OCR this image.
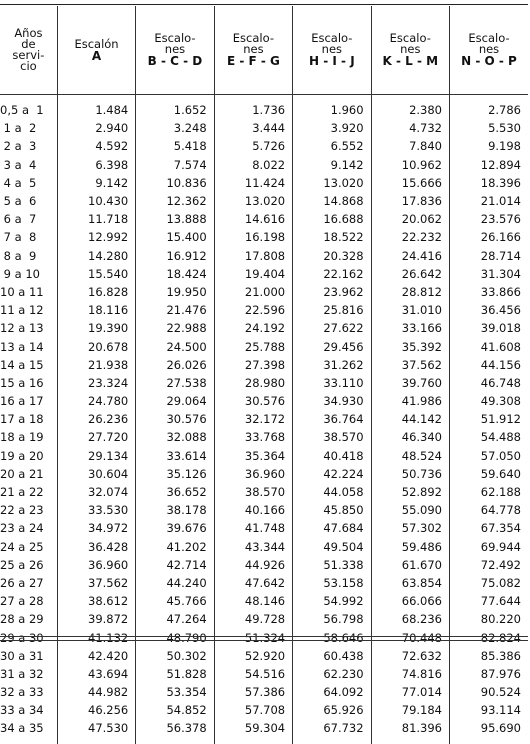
Años
de
servi-
cio	Escalón
A	Escalo-
nes
B - C - D	Escalo-
nes
E - F - G	Escalo-
nes
H - I - J	Escalo-
nes
K - L - M	Escalo-
nes
N - O - P

0,5 a  1	1.484	1.652	1.736	1.960	2.380	2.786
1 a  2	2.940	3.248	3.444	3.920	4.732	5.530
2 a  3	4.592	5.418	5.726	6.552	7.840	9.198
3 a  4	6.398	7.574	8.022	9.142	10.962	12.894
4 a  5	9.142	10.836	11.424	13.020	15.666	18.396
5 a  6	10.430	12.362	13.020	14.868	17.836	21.014
6 a  7	11.718	13.888	14.616	16.688	20.062	23.576
7 a  8	12.992	15.400	16.198	18.522	22.232	26.166
8 a  9	14.280	16.912	17.808	20.328	24.416	28.714
9 a 10	15.540	18.424	19.404	22.162	26.642	31.304
10 a 11	16.828	19.950	21.000	23.962	28.812	33.866
11 a 12	18.116	21.476	22.596	25.816	31.010	36.456
12 a 13	19.390	22.988	24.192	27.622	33.166	39.018
13 a 14	20.678	24.500	25.788	29.456	35.392	41.608
14 a 15	21.938	26.026	27.398	31.262	37.562	44.156
15 a 16	23.324	27.538	28.980	33.110	39.760	46.748
16 a 17	24.780	29.064	30.576	34.930	41.986	49.308
17 a 18	26.236	30.576	32.172	36.764	44.142	51.912
18 a 19	27.720	32.088	33.768	38.570	46.340	54.488
19 a 20	29.134	33.614	35.364	40.418	48.524	57.050
20 a 21	30.604	35.126	36.960	42.224	50.736	59.640
21 a 22	32.074	36.652	38.570	44.058	52.892	62.188
22 a 23	33.530	38.178	40.166	45.850	55.090	64.778
23 a 24	34.972	39.676	41.748	47.684	57.302	67.354
24 a 25	36.428	41.202	43.344	49.504	59.486	69.944
25 a 26	36.960	42.714	44.926	51.338	61.670	72.492
26 a 27	37.562	44.240	47.642	53.158	63.854	75.082
27 a 28	38.612	45.766	48.146	54.992	66.066	77.644
28 a 29	39.872	47.264	49.728	56.798	68.236	80.220
29 a 30	41.132	48.790	51.324	58.646	70.448	82.824
30 a 31	42.420	50.302	52.920	60.438	72.632	85.386
31 a 32	43.694	51.828	54.516	62.230	74.816	87.976
32 a 33	44.982	53.354	57.386	64.092	77.014	90.524
33 a 34	46.256	54.852	57.708	65.926	79.184	93.114
34 a 35	47.530	56.378	59.304	67.732	81.396	95.690
